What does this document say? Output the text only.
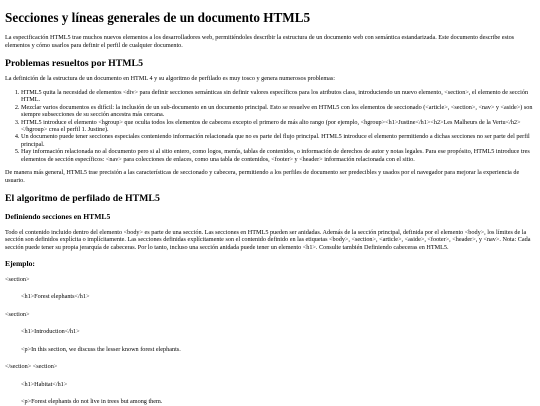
Secciones y líneas generales de un documento HTML5

La especificación HTML5 trae muchos nuevos elementos a los desarrolladores web, permitiéndoles describir la estructura de un documento web con semántica estandarizada. Este documento describe estos elementos y cómo usarlos para definir el perfil de cualquier documento.

Problemas resueltos por HTML5

La definición de la estructura de un documento en HTML 4 y su algoritmo de perfilado es muy tosco y genera numerosos problemas:

1. HTML5 quita la necesidad de elementos <div> para definir secciones semánticas sin definir valores específicos para los atributos class, introduciendo un nuevo elemento, <section>, el elemento de sección HTML.
2. Mezclar varios documentos es difícil: la inclusión de un sub-documento en un documento principal. Esto se resuelve en HTML5 con los elementos de seccionado (<article>, <section>, <nav> y <aside>) son siempre subsecciones de su sección ancestra más cercana.
3. HTML5 introduce el elemento <hgroup> que oculta todos los elementos de cabecera excepto el primero de más alto rango (por ejemplo, <hgroup><h1>Justine</h1><h2>Les Malheurs de la Vertu</h2></hgroup> crea el perfil 1. Justine).
4. Un documento puede tener secciones especiales conteniendo información relacionada que no es parte del flujo principal. HTML5 introduce el elemento permitiendo a dichas secciones no ser parte del perfil principal.
5. Hay información relacionada no al documento pero si al sitio entero, como logos, menús, tablas de contenidos, o información de derechos de autor y notas legales. Para ese propósito, HTML5 introduce tres elementos de sección específicos: <nav> para colecciones de enlaces, como una tabla de contenidos, <footer> y <header> información relacionada con el sitio.

De manera más general, HTML5 trae precisión a las características de seccionado y cabecera, permitiendo a los perfiles de documento ser predecibles y usados por el navegador para mejorar la experiencia de usuario.

El algoritmo de perfilado de HTML5
Definiendo secciones en HTML5

Todo el contenido incluido dentro del elemento <body> es parte de una sección. Las secciones en HTML5 pueden ser anidadas. Además de la sección principal, definida por el elemento <body>, los límites de la sección son definidos explícita o implícitamente. Las secciones definidas explícitamente son el contenido definido en las etiquetas <body>, <section>, <article>, <aside>, <footer>, <header>, y <nav>. Nota: Cada sección puede tener su propia jerarquía de cabeceras. Por lo tanto, incluso una sección anidada puede tener un elemento <h1>. Consulte también Definiendo cabeceras en HTML5.

Ejemplo:
<section>
<h1>Forest elephants</h1>
<section>
<h1>Introduction</h1>
<p>In this section, we discuss the lesser known forest elephants.
</section> <section>
<h1>Habitat</h1>
<p>Forest elephants do not live in trees but among them.
